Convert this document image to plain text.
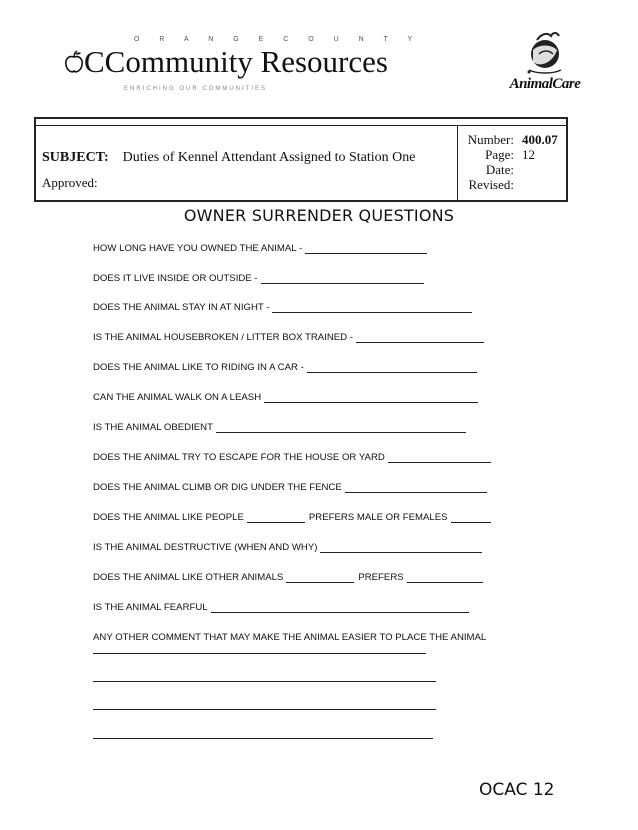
O R A N G E C O U N T Y
CCommunity Resources
ENRICHING OUR COMMUNITIES	AnimalCare
SUBJECT: Duties of Kennel Attendant Assigned to Station One
Approved:
Number: 400.07
Page: 12
Date:
Revised:
OWNER SURRENDER QUESTIONS
HOW LONG HAVE YOU OWNED THE ANIMAL -
DOES IT LIVE INSIDE OR OUTSIDE -
DOES THE ANIMAL STAY IN AT NIGHT -
IS THE ANIMAL HOUSEBROKEN / LITTER BOX TRAINED -
DOES THE ANIMAL LIKE TO RIDING IN A CAR -
CAN THE ANIMAL WALK ON A LEASH
IS THE ANIMAL OBEDIENT
DOES THE ANIMAL TRY TO ESCAPE FOR THE HOUSE OR YARD
DOES THE ANIMAL CLIMB OR DIG UNDER THE FENCE
DOES THE ANIMAL LIKE PEOPLE	PREFERS MALE OR FEMALES
IS THE ANIMAL DESTRUCTIVE (WHEN AND WHY)
DOES THE ANIMAL LIKE OTHER ANIMALS	PREFERS
IS THE ANIMAL FEARFUL
ANY OTHER COMMENT THAT MAY MAKE THE ANIMAL EASIER TO PLACE THE ANIMAL
OCAC 12
